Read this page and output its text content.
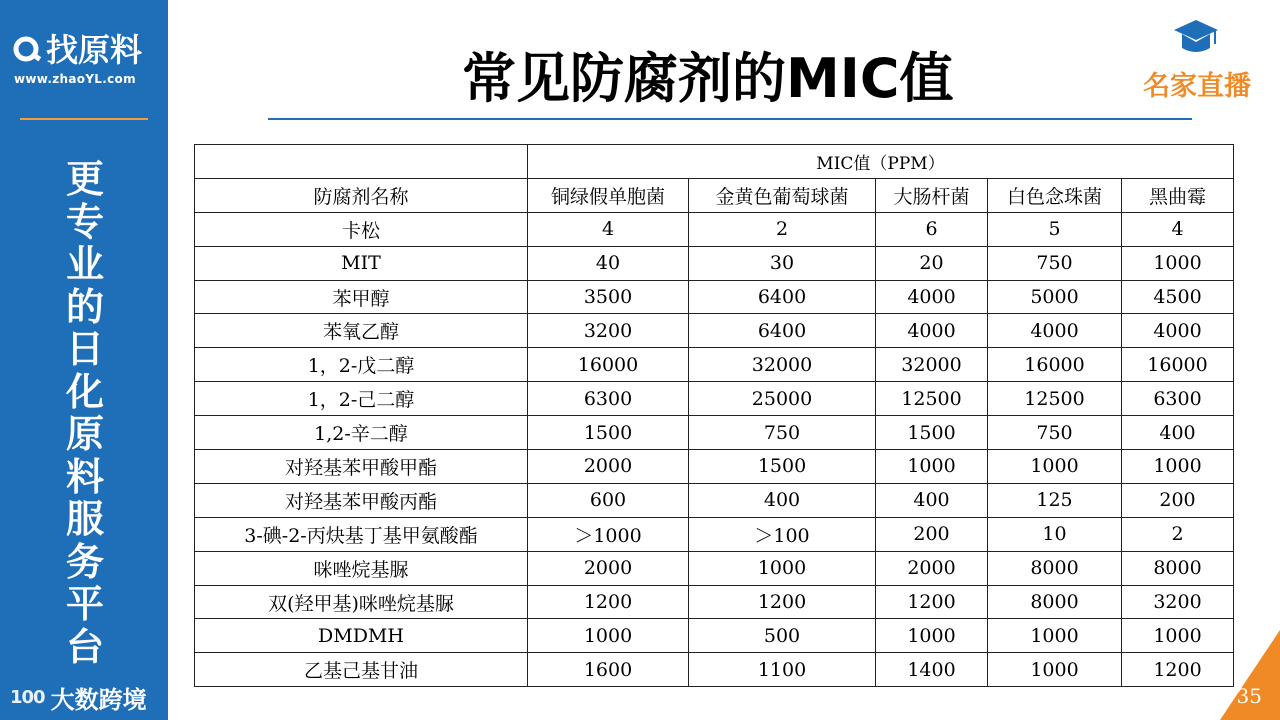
找原料
www.zhaoYL.com
更
专
业
的
日
化
原
料
服
务
平
台
100 大数跨境
常见防腐剂的MIC值	名家直播
	MIC值（PPM）				
防腐剂名称	铜绿假单胞菌	金黄色葡萄球菌	大肠杆菌	白色念珠菌	黑曲霉
卡松	4	2	6	5	4
MIT	40	30	20	750	1000
苯甲醇	3500	6400	4000	5000	4500
苯氧乙醇	3200	6400	4000	4000	4000
1，2-戊二醇	16000	32000	32000	16000	16000
1，2-己二醇	6300	25000	12500	12500	6300
1,2-辛二醇	1500	750	1500	750	400
对羟基苯甲酸甲酯	2000	1500	1000	1000	1000
对羟基苯甲酸丙酯	600	400	400	125	200
3-碘-2-丙炔基丁基甲氨酸酯	＞1000	＞100	200	10	2
咪唑烷基脲	2000	1000	2000	8000	8000
双(羟甲基)咪唑烷基脲	1200	1200	1200	8000	3200
DMDMH	1000	500	1000	1000	1000
乙基己基甘油	1600	1100	1400	1000	1200
35
